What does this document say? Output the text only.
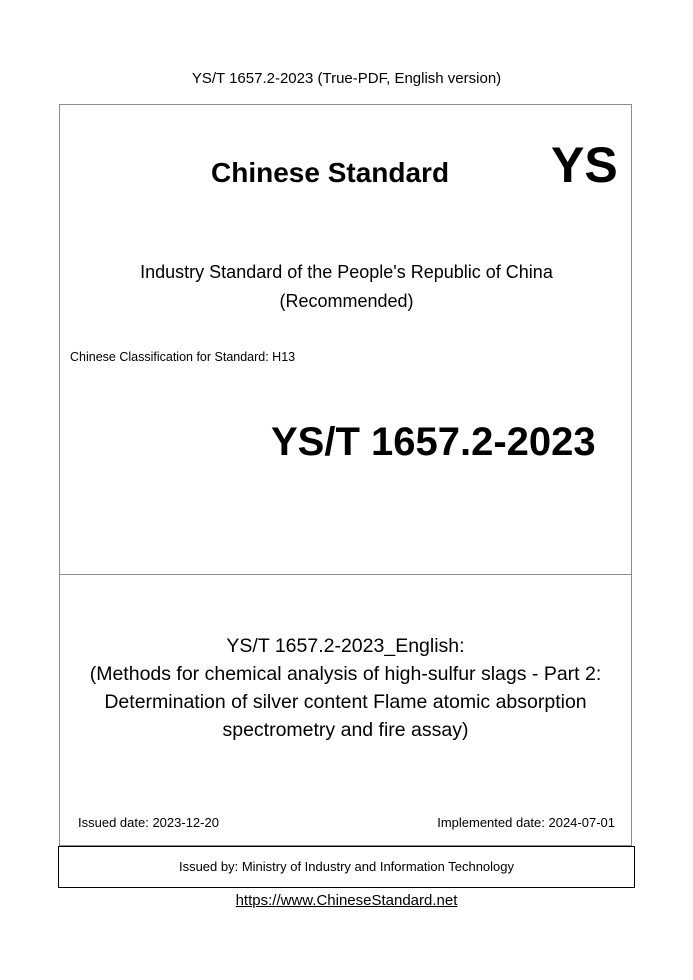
YS/T 1657.2-2023 (True-PDF, English version)
Chinese Standard YS
Industry Standard of the People's Republic of China
(Recommended)
Chinese Classification for Standard: H13
YS/T 1657.2-2023
YS/T 1657.2-2023_English:
(Methods for chemical analysis of high-sulfur slags - Part 2:
Determination of silver content Flame atomic absorption
spectrometry and fire assay)
Issued date: 2023-12-20	Implemented date: 2024-07-01
Issued by: Ministry of Industry and Information Technology
https://www.ChineseStandard.net
